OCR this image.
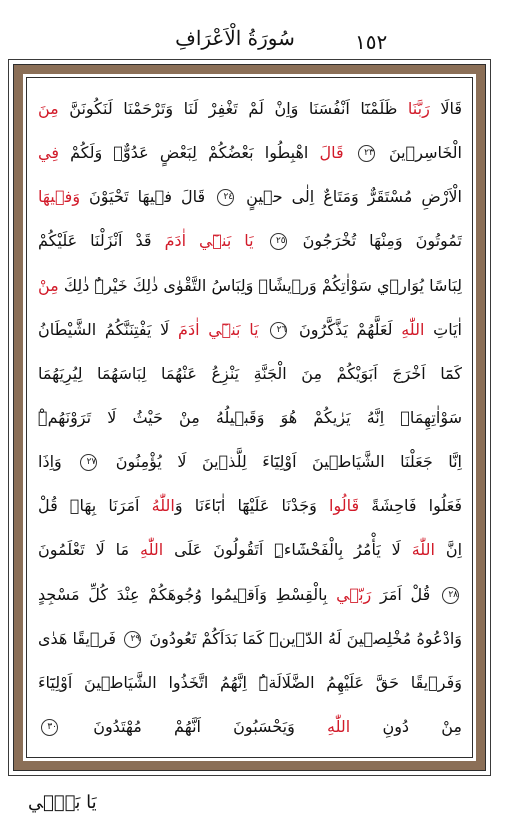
سُورَةُ الْاَعْرَافِ	١٥٢
قَالَا رَبَّنَا ظَلَمْنَٓا اَنْفُسَنَا وَاِنْ لَمْ تَغْفِرْ لَنَا وَتَرْحَمْنَا لَنَكُونَنَّ مِنَ
الْخَاسِر۪ينَ ٢٣ قَالَ اهْبِطُوا بَعْضُكُمْ لِبَعْضٍ عَدُوٌّۚ وَلَكُمْ فِي
الْاَرْضِ مُسْتَقَرٌّ وَمَتَاعٌ اِلٰى ح۪ينٍ ٢٤ قَالَ ف۪يهَا تَحْيَوْنَ وَف۪يهَا
تَمُوتُونَ وَمِنْهَا تُخْرَجُونَ ٢٥ يَا بَن۪ٓي اٰدَمَ قَدْ اَنْزَلْنَا عَلَيْكُمْ
لِبَاسًا يُوَار۪ي سَوْاٰتِكُمْ وَر۪يشًاۜ وَلِبَاسُ التَّقْوٰى ذٰلِكَ خَيْرٌۜ ذٰلِكَ مِنْ
اٰيَاتِ اللّٰهِ لَعَلَّهُمْ يَذَّكَّرُونَ ٢٦ يَا بَن۪ٓي اٰدَمَ لَا يَفْتِنَنَّكُمُ الشَّيْطَانُ
كَمَٓا اَخْرَجَ اَبَوَيْكُمْ مِنَ الْجَنَّةِ يَنْزِعُ عَنْهُمَا لِبَاسَهُمَا لِيُرِيَهُمَا
سَوْاٰتِهِمَاۜ اِنَّهُ يَرٰيكُمْ هُوَ وَقَب۪يلُهُ مِنْ حَيْثُ لَا تَرَوْنَهُمْۜ
اِنَّا جَعَلْنَا الشَّيَاط۪ينَ اَوْلِيَٓاءَ لِلَّذ۪ينَ لَا يُؤْمِنُونَ ٢٧ وَاِذَا
فَعَلُوا فَاحِشَةً قَالُوا وَجَدْنَا عَلَيْهَٓا اٰبَٓاءَنَا وَاللّٰهُ اَمَرَنَا بِهَاۜ قُلْ
اِنَّ اللّٰهَ لَا يَأْمُرُ بِالْفَحْشَٓاءِۜ اَتَقُولُونَ عَلَى اللّٰهِ مَا لَا تَعْلَمُونَ
٢٨ قُلْ اَمَرَ رَبّ۪ي بِالْقِسْطِ وَاَق۪يمُوا وُجُوهَكُمْ عِنْدَ كُلِّ مَسْجِدٍ
وَادْعُوهُ مُخْلِص۪ينَ لَهُ الدّ۪ينَۜ كَمَا بَدَاَكُمْ تَعُودُونَ ٢٩ فَر۪يقًا هَدٰى
وَفَر۪يقًا حَقَّ عَلَيْهِمُ الضَّلَالَةُۜ اِنَّهُمُ اتَّخَذُوا الشَّيَاط۪ينَ اَوْلِيَٓاءَ
مِنْ دُونِ اللّٰهِ وَيَحْسَبُونَ اَنَّهُمْ مُهْتَدُونَ ٣٠
يَا بَن۪ٓي
